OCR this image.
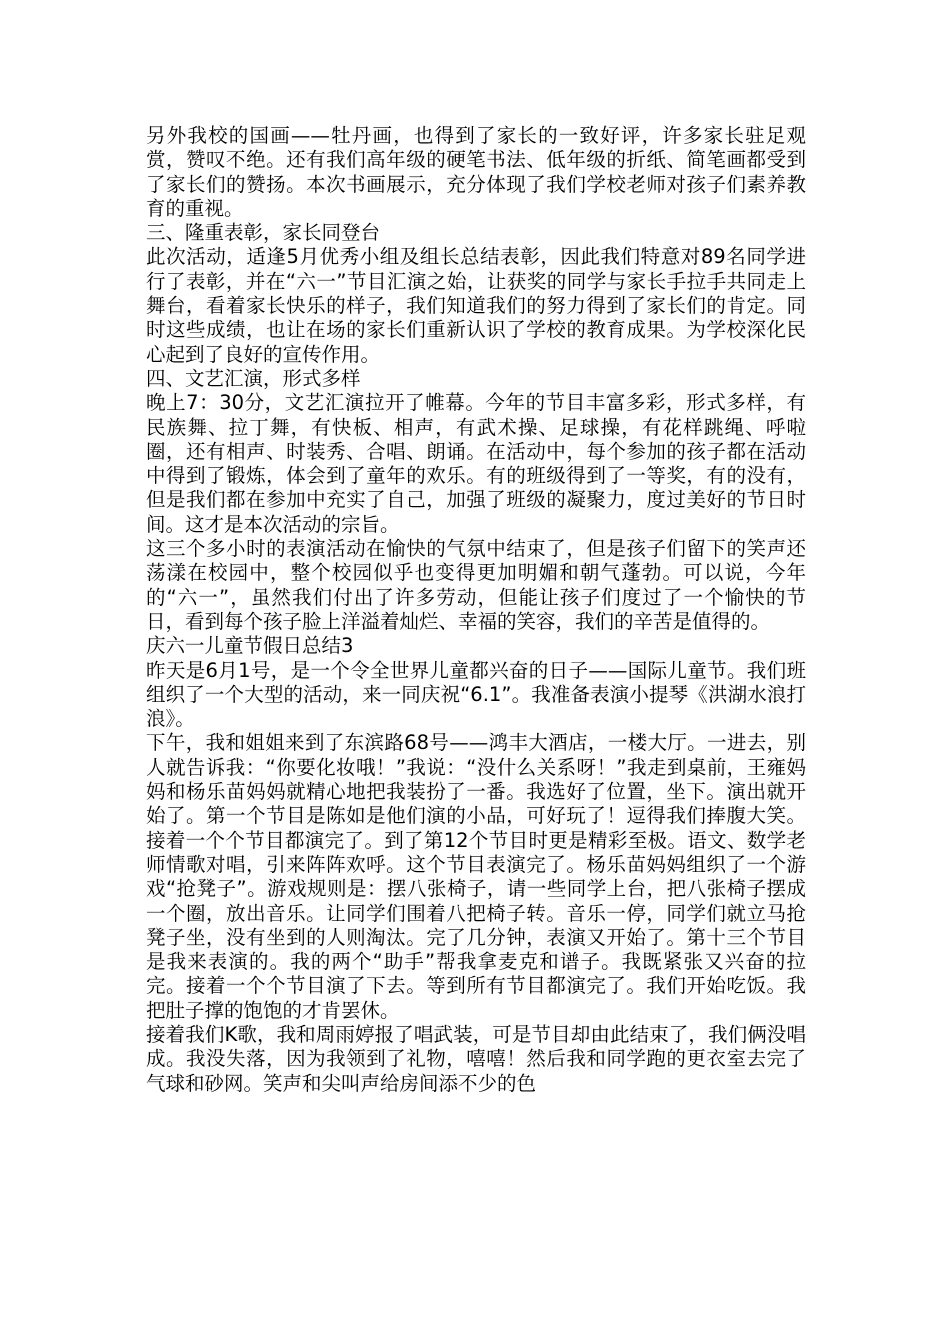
另外我校的国画——牡丹画，也得到了家长的一致好评，许多家长驻足观赏，赞叹不绝。还有我们高年级的硬笔书法、低年级的折纸、简笔画都受到了家长们的赞扬。本次书画展示，充分体现了我们学校老师对孩子们素养教育的重视。

三、隆重表彰，家长同登台

此次活动，适逢5月优秀小组及组长总结表彰，因此我们特意对89名同学进行了表彰，并在“六一”节目汇演之始，让获奖的同学与家长手拉手共同走上舞台，看着家长快乐的样子，我们知道我们的努力得到了家长们的肯定。同时这些成绩，也让在场的家长们重新认识了学校的教育成果。为学校深化民心起到了良好的宣传作用。

四、文艺汇演，形式多样

晚上7：30分，文艺汇演拉开了帷幕。今年的节目丰富多彩，形式多样，有民族舞、拉丁舞，有快板、相声，有武术操、足球操，有花样跳绳、呼啦圈，还有相声、时装秀、合唱、朗诵。在活动中，每个参加的孩子都在活动中得到了锻炼，体会到了童年的欢乐。有的班级得到了一等奖，有的没有，但是我们都在参加中充实了自己，加强了班级的凝聚力，度过美好的节日时间。这才是本次活动的宗旨。

这三个多小时的表演活动在愉快的气氛中结束了，但是孩子们留下的笑声还荡漾在校园中，整个校园似乎也变得更加明媚和朝气蓬勃。可以说，今年的“六一”，虽然我们付出了许多劳动，但能让孩子们度过了一个愉快的节日，看到每个孩子脸上洋溢着灿烂、幸福的笑容，我们的辛苦是值得的。

庆六一儿童节假日总结3

昨天是6月1号，是一个令全世界儿童都兴奋的日子——国际儿童节。我们班组织了一个大型的活动，来一同庆祝“6.1”。我准备表演小提琴《洪湖水浪打浪》。

下午，我和姐姐来到了东滨路68号——鸿丰大酒店，一楼大厅。一进去，别人就告诉我：“你要化妆哦！”我说：“没什么关系呀！”我走到桌前，王雍妈妈和杨乐苗妈妈就精心地把我装扮了一番。我选好了位置，坐下。演出就开始了。第一个节目是陈如是他们演的小品，可好玩了！逗得我们捧腹大笑。接着一个个节目都演完了。到了第12个节目时更是精彩至极。语文、数学老师情歌对唱，引来阵阵欢呼。这个节目表演完了。杨乐苗妈妈组织了一个游戏“抢凳子”。游戏规则是：摆八张椅子，请一些同学上台，把八张椅子摆成一个圈，放出音乐。让同学们围着八把椅子转。音乐一停，同学们就立马抢凳子坐，没有坐到的人则淘汰。完了几分钟，表演又开始了。第十三个节目是我来表演的。我的两个“助手”帮我拿麦克和谱子。我既紧张又兴奋的拉完。接着一个个节目演了下去。等到所有节目都演完了。我们开始吃饭。我把肚子撑的饱饱的才肯罢休。

接着我们K歌，我和周雨婷报了唱武装，可是节目却由此结束了，我们俩没唱成。我没失落，因为我领到了礼物，嘻嘻！然后我和同学跑的更衣室去完了气球和砂网。笑声和尖叫声给房间添不少的色
